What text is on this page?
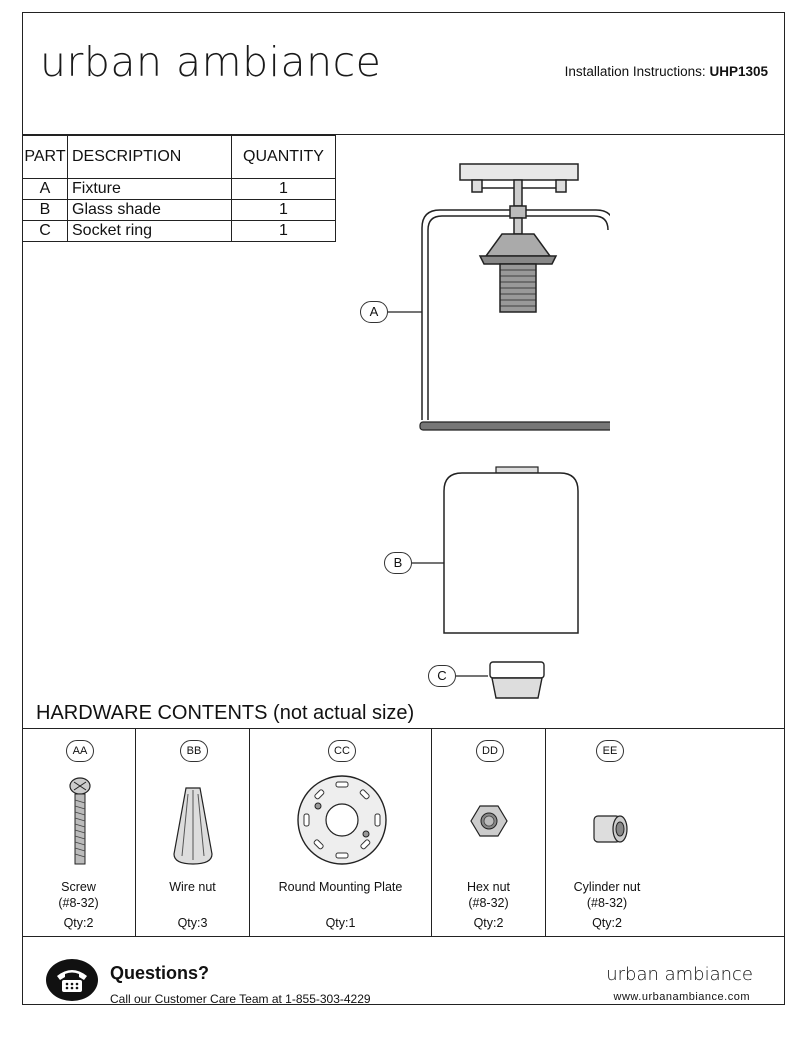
urban ambiance	Installation Instructions: UHP1305
PART	DESCRIPTION	QUANTITY
A	Fixture	1
B	Glass shade	1
C	Socket ring	1
A
B
C
HARDWARE CONTENTS (not actual size)
AA
Screw
(#8-32)
Qty:2
BB
Wire nut
Qty:3
CC
Round Mounting Plate
Qty:1
DD
Hex nut
(#8-32)
Qty:2
EE
Cylinder nut
(#8-32)
Qty:2
Questions?
Call our Customer Care Team at 1-855-303-4229
urban ambiance
www.urbanambiance.com
